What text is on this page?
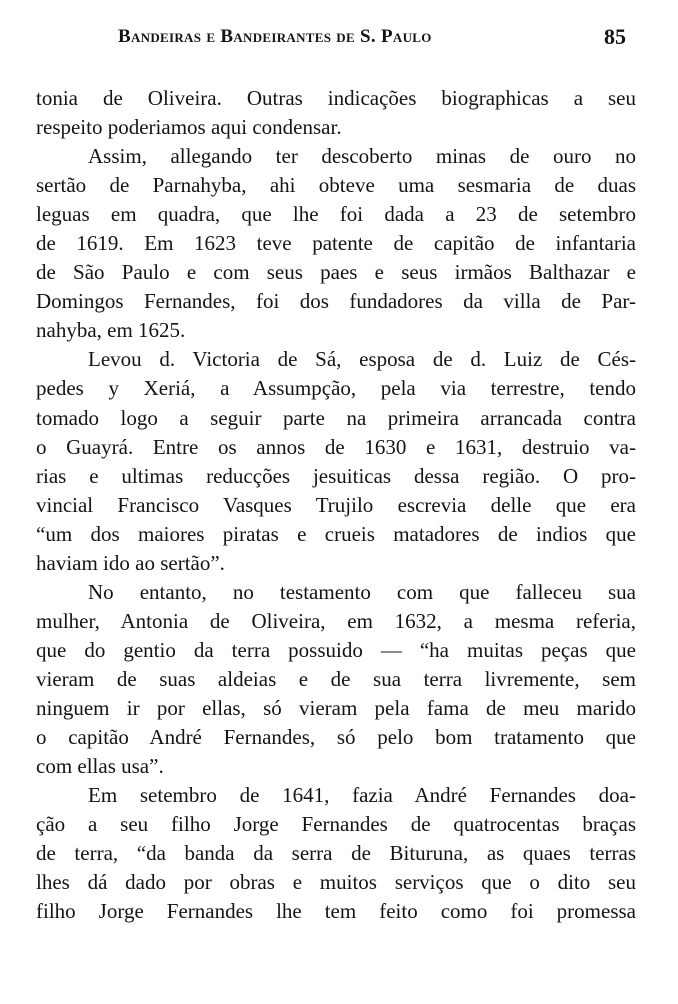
Bandeiras e Bandeirantes de S. Paulo	85
tonia de Oliveira. Outras indicações biographicas a seu
respeito poderiamos aqui condensar.
Assim, allegando ter descoberto minas de ouro no
sertão de Parnahyba, ahi obteve uma sesmaria de duas
leguas em quadra, que lhe foi dada a 23 de setembro
de 1619. Em 1623 teve patente de capitão de infantaria
de São Paulo e com seus paes e seus irmãos Balthazar e
Domingos Fernandes, foi dos fundadores da villa de Par-
nahyba, em 1625.
Levou d. Victoria de Sá, esposa de d. Luiz de Cés-
pedes y Xeriá, a Assumpção, pela via terrestre, tendo
tomado logo a seguir parte na primeira arrancada contra
o Guayrá. Entre os annos de 1630 e 1631, destruio va-
rias e ultimas reducções jesuiticas dessa região. O pro-
vincial Francisco Vasques Trujilo escrevia delle que era
“um dos maiores piratas e crueis matadores de indios que
haviam ido ao sertão”.
No entanto, no testamento com que falleceu sua
mulher, Antonia de Oliveira, em 1632, a mesma referia,
que do gentio da terra possuido — “ha muitas peças que
vieram de suas aldeias e de sua terra livremente, sem
ninguem ir por ellas, só vieram pela fama de meu marido
o capitão André Fernandes, só pelo bom tratamento que
com ellas usa”.
Em setembro de 1641, fazia André Fernandes doa-
ção a seu filho Jorge Fernandes de quatrocentas braças
de terra, “da banda da serra de Bituruna, as quaes terras
lhes dá dado por obras e muitos serviços que o dito seu
filho Jorge Fernandes lhe tem feito como foi promessa
